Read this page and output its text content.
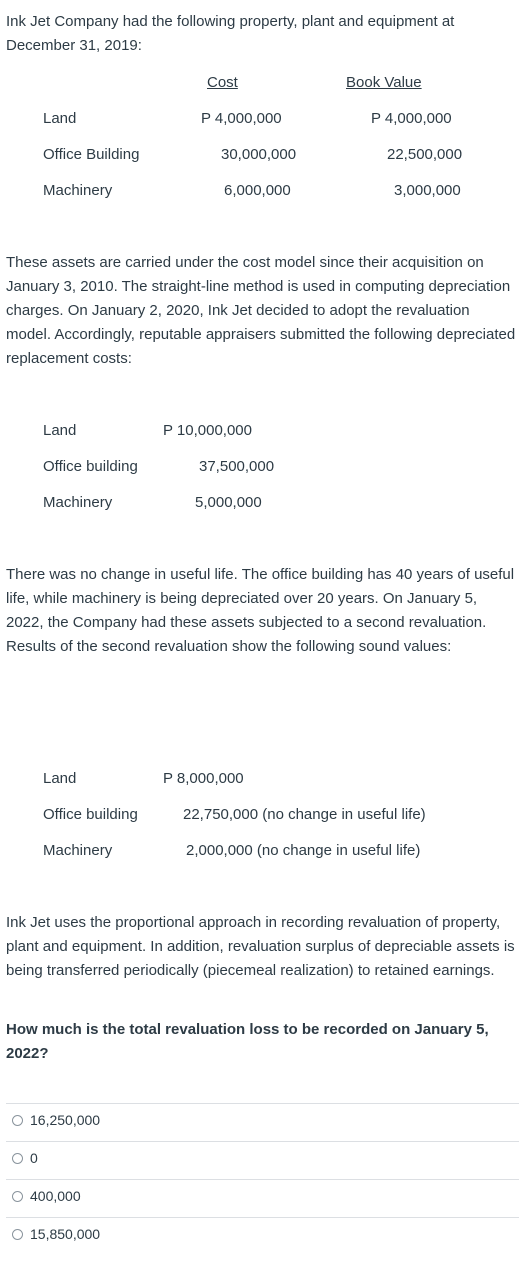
Ink Jet Company had the following property, plant and equipment at December 31, 2019:

Cost	Book Value
Land	P 4,000,000	P 4,000,000
Office Building	30,000,000	22,500,000
Machinery	6,000,000	3,000,000

These assets are carried under the cost model since their acquisition on January 3, 2010. The straight-line method is used in computing depreciation charges. On January 2, 2020, Ink Jet decided to adopt the revaluation model. Accordingly, reputable appraisers submitted the following depreciated replacement costs:

Land	P 10,000,000
Office building	37,500,000
Machinery	5,000,000

There was no change in useful life. The office building has 40 years of useful life, while machinery is being depreciated over 20 years. On January 5, 2022, the Company had these assets subjected to a second revaluation. Results of the second revaluation show the following sound values:

Land	P 8,000,000
Office building	22,750,000 (no change in useful life)
Machinery	2,000,000 (no change in useful life)

Ink Jet uses the proportional approach in recording revaluation of property, plant and equipment. In addition, revaluation surplus of depreciable assets is being transferred periodically (piecemeal realization) to retained earnings.

How much is the total revaluation loss to be recorded on January 5, 2022?

16,250,000
0
400,000
15,850,000
